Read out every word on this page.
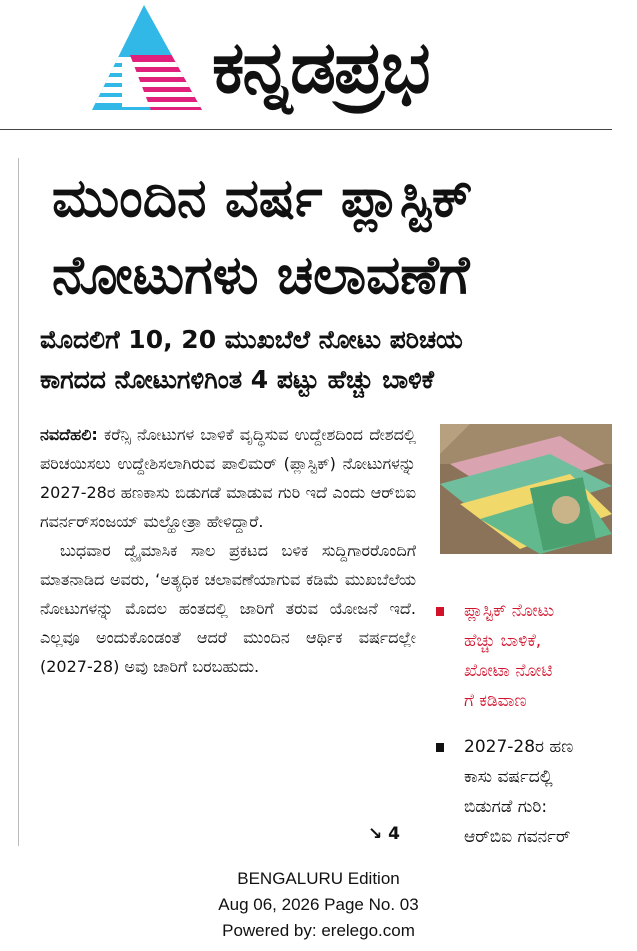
ಕನ್ನಡಪ್ರಭ
ಮುಂದಿನ ವರ್ಷ ಪ್ಲಾಸ್ಟಿಕ್
ನೋಟುಗಳು ಚಲಾವಣೆಗೆ
ಮೊದಲಿಗೆ 10, 20 ಮುಖಬೆಲೆ ನೋಟು ಪರಿಚಯ
ಕಾಗದದ ನೋಟುಗಳಿಗಿಂತ 4 ಪಟ್ಟು ಹೆಚ್ಚು ಬಾಳಿಕೆ

ನವದೆಹಲಿ: ಕರೆನ್ಸಿ ನೋಟುಗಳ ಬಾಳಿಕೆ ವೃದ್ಧಿಸುವ ಉದ್ದೇಶದಿಂದ ದೇಶದಲ್ಲಿ ಪರಿಚಯಿಸಲು ಉದ್ದೇಶಿಸಲಾಗಿರುವ ಪಾಲಿಮರ್ (ಪ್ಲಾಸ್ಟಿಕ್) ನೋಟುಗಳನ್ನು 2027-28ರ ಹಣಕಾಸು ಬಿಡುಗಡೆ ಮಾಡುವ ಗುರಿ ಇದೆ ಎಂದು ಆರ್‌ಬಿಐ ಗವರ್ನರ್‌ಸಂಜಯ್ ಮಲ್ಹೋತ್ರಾ ಹೇಳಿದ್ದಾರೆ.

ಬುಧವಾರ ದ್ವೈಮಾಸಿಕ ಸಾಲ ಪ್ರಕಟದ ಬಳಿಕ ಸುದ್ದಿಗಾರರೊಂದಿಗೆ ಮಾತನಾಡಿದ ಅವರು, ‘ಅತ್ಯಧಿಕ ಚಲಾವಣೆಯಾಗುವ ಕಡಿಮೆ ಮುಖಬೆಲೆಯ ನೋಟುಗಳನ್ನು ಮೊದಲ ಹಂತದಲ್ಲಿ ಜಾರಿಗೆ ತರುವ ಯೋಜನೆ ಇದೆ. ಎಲ್ಲವೂ ಅಂದುಕೊಂಡಂತೆ ಆದರೆ ಮುಂದಿನ ಆರ್ಥಿಕ ವರ್ಷದಲ್ಲೇ (2027-28) ಅವು ಜಾರಿಗೆ ಬರಬಹುದು.

↘ 4
ಪ್ಲಾಸ್ಟಿಕ್ ನೋಟು
ಹೆಚ್ಚು ಬಾಳಿಕೆ,
ಖೋಟಾ ನೋಟಿ
ಗೆ ಕಡಿವಾಣ
2027-28ರ ಹಣ
ಕಾಸು ವರ್ಷದಲ್ಲಿ
ಬಿಡುಗಡೆ ಗುರಿ:
ಆರ್‌ಬಿಐ ಗವರ್ನರ್
BENGALURU Edition
Aug 06, 2026 Page No. 03
Powered by: erelego.com
